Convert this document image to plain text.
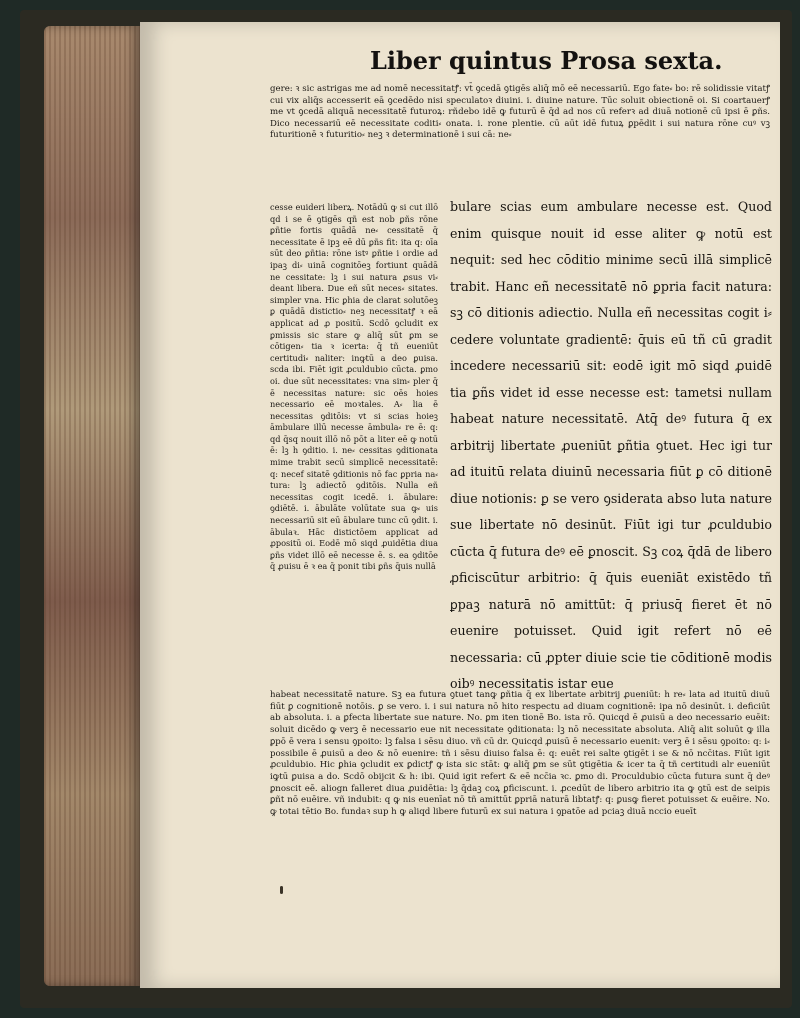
Liber quintus Prosa sexta.
gere: ꝛ sic astrigas me ad nomē necessitatꝭ: vt̄ ꝯcedā ꝯtigēs aliq̄ mō eē necessariū. Ego fate⸗ bo: rē solidissie vitatꝭ cui vix aliq̄s accesserit eā ꝯcedēdo nisi speculatoꝛ diuini. i. diuine nature. Tūc soluit obiectionē oi. Si coartauerꝭ me vt ꝯcedā aliquā necessitatē futuroꝝ: rñdebo idē ꝙ futurū ē q̄d ad nos cū referꝛ ad diuā notionē cū ipsi ē ꝑñs. Dico necessariū eē necessitate coditi⸗ onata. i. rone plentie. cū aūt idē futuꝝ ꝑpēdit i sui natura rōne cuꝰ vꝫ futuritionē ꝛ futuritio⸗ neꝫ ꝛ determinationē i sui cā: ne⸗
cesse euideri liberꝝ. Notādū ꝙ si cut illō qd i se ē ꝯtigēs qñ est nob ꝑñs rōne ꝑñtie fortis quādā ne⸗ cessitatē q̄ necessitate ē ipꝫ eē dū ꝑñs fit: ita q: oīa sūt deo ꝑñtia: rōne istꝰ ꝑñtie i ordie ad ipaꝫ di⸗ uinā cognitōeꝫ fortiunt quādā ne cessitate: lꝫ i sui natura ꝓsus vi⸗ deant libera. Due eñ sūt neces⸗ sitates. simpler vna. Hic ꝑhia de clarat solutōeꝫ ꝑ quādā distictio⸗ neꝫ necessitatꝭ ꝛ eā applicat ad ꝓ positū. Scdō ꝯcludit ex ꝑmissis sic stare ꝙ aliq̄ sūt ꝑm se cōtigen⸗ tia ꝛ icerta: q̄ tñ eueniūt certitudi⸗ naliter: inꝙtū a deo ꝑuisa. scda ibi. Fiēt igit ꝓculdubio cūcta. ꝑmo oi. due sūt necessitates: vna sim⸗ pler q̄ ē necessitas nature: sic oēs hoies necessario eē moꝛtales. A⸗ lia ē necessitas ꝯditōis: vt si scias hoieꝫ āmbulare illū necesse āmbula⸗ re ē: q: qd q̄sq nouit illō nō pōt a liter eē ꝙ notū ē: lꝫ h ꝯditio. i. ne⸗ cessitas ꝯditionata mime trabit secū simplicē necessitatē: q: necef sitatē ꝯditionis nō fac ꝑpria na⸗ tura: lꝫ adiectō ꝯditōis. Nulla eñ necessitas cogit icedē. i. ābulare: ꝯdiētē. i. ābulāte volūtate sua ꝙ⸗ uis necessariū sit eū ābulare tunc cū ꝯdit. i. ābulaꝛ. Hāc distictōem applicat ad ꝓpositū oi. Eodē mō siqd ꝓuidētia diua ꝑñs videt illō eē necesse ē. s. ea ꝯditōe q̄ ꝓuisu ē ꝛ ea q̄ ponit tibi ꝑñs q̄uis nullā
bulare scias eum ambulare necesse est. Quod enim quisque nouit id esse aliter ꝙ notū est nequit: sed hec cōditio minime secū illā simplicē trabit. Hanc eñ necessitatē nō ꝑpria facit natura: sꝫ cō ditionis adiectio. Nulla eñ necessitas cogit i⸗ cedere voluntate gradientē: q̄uis eū tñ cū gradit incedere necessariū sit: eodē igit mō siqd ꝓuidē tia ꝑñs videt id esse necesse est: tametsi nullam habeat nature necessitatē. Atq̄ deꝰ futura q̄ ex arbitrij libertate ꝓueniūt ꝑñtia ꝯtuet. Hec igi tur ad ituitū relata diuinū necessaria fiūt ꝑ cō ditionē diue notionis: ꝑ se vero ꝯsiderata abso luta nature sue libertate nō desinūt. Fiūt igi tur ꝓculdubio cūcta q̄ futura deꝰ eē ꝑnoscit. Sꝫ coꝝ q̄dā de libero ꝓficiscūtur arbitrio: q̄ q̄uis eueniāt existēdo tñ ꝑpaꝫ naturā nō amittūt: q̄ priusq̄ fieret ēt nō euenire potuisset. Quid igit refert nō eē necessaria: cū ꝓpter diuie scie tie cōditionē modis oibꝰ necessitatis istar eue
habeat necessitatē nature. Sꝫ ea futura ꝯtuet tanꝙ ꝑñtia q̄ ex libertate arbitrij ꝓueniūt: h re⸗ lata ad ituitū diuū fiūt ꝑ cognitionē notōis. ꝑ se vero. i. i sui natura nō hito respectu ad diuam cognitionē: ipa nō desinūt. i. deficiūt ab absoluta. i. a ꝑfecta libertate sue nature. No. ꝑm iten tionē Bo. ista rō. Quicqd ē ꝓuisū a deo necessario euēit: soluit dicēdo ꝙ verꝫ ē necessario eue nit necessitate ꝯditionata: lꝫ nō necessitate absoluta. Aliq̄ alit soluūt ꝙ illa ꝑpō ē vera i sensu ꝯpoito: lꝫ falsa i sēsu diuo. vñ cū dr. Quicqd ꝓuisū ē necessario euenit: verꝫ ē i sēsu ꝯpoito: q: i⸗ possibile ē ꝓuisū a deo & nō euenire: tñ i sēsu diuiso falsa ē: q: euēt rei salte ꝯtigēt i se & nō ncc̄itas. Fiūt igit ꝓculdubio. Hic ꝑhia ꝯcludit ex ꝑdictꝭ ꝙ ista sic stāt: ꝙ aliq̄ ꝑm se sūt ꝯtigētia & icer ta q̄ tñ certitudi alr eueniūt iꝙtū ꝑuisa a do. Scdō obijcit & h: ibi. Quid igit refert & eē ncc̄ia ꝛc. ꝑmo di. Proculdubio cūcta futura sunt q̄ deꝰ ꝑnoscit eē. aliogn falleret diua ꝓuidētia: lꝫ q̄daꝫ coꝝ ꝑficiscunt. i. ꝓcedūt de libero arbitrio ita ꝙ ꝯtū est de seipis ꝑñt nō euēire. vñ indubit: q ꝙ nis euenīat nō tñ amittūt ꝑpriā naturā libtatꝭ: q: ꝑusꝙ fieret potuisset & euēire. No. ꝙ totai tētio Bo. fundaꝛ sup h ꝙ aliqd libere futurū ex sui natura i ꝯpatōe ad pciaꝫ diuā nccio eueīt
